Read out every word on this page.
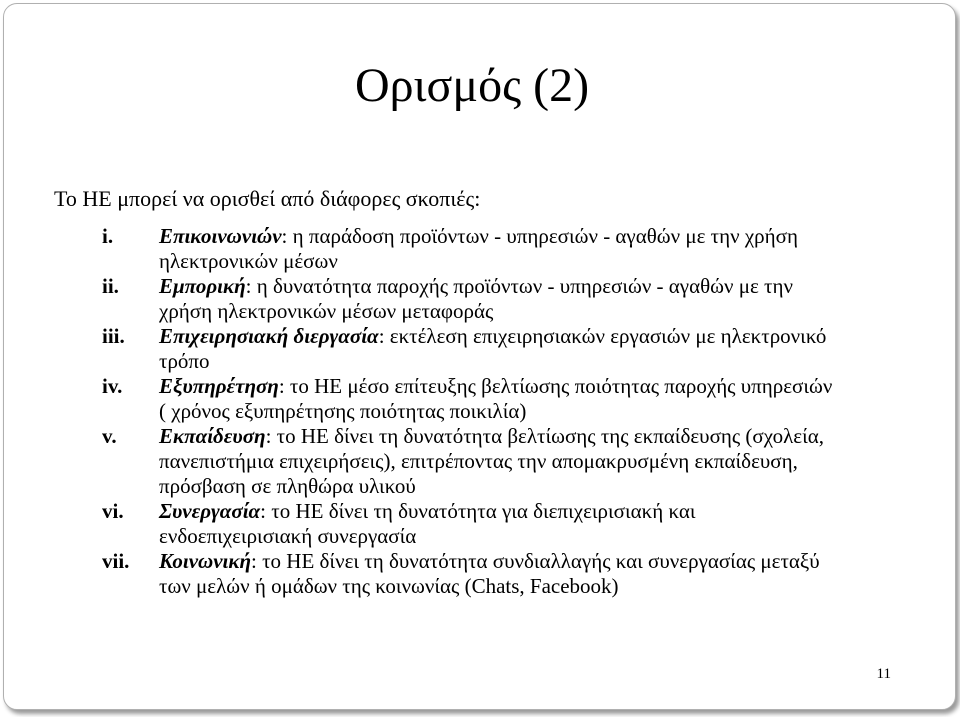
Ορισμός (2)
Το ΗΕ μπορεί να ορισθεί από διάφορες σκοπιές:
i. Επικοινωνιών: η παράδοση προϊόντων - υπηρεσιών - αγαθών με την χρήση ηλεκτρονικών μέσων
ii. Εμπορική: η δυνατότητα παροχής προϊόντων - υπηρεσιών - αγαθών με την χρήση ηλεκτρονικών μέσων μεταφοράς
iii. Επιχειρησιακή διεργασία: εκτέλεση επιχειρησιακών εργασιών με ηλεκτρονικό τρόπο
iv. Εξυπηρέτηση: το ΗΕ μέσο επίτευξης βελτίωσης ποιότητας παροχής υπηρεσιών ( χρόνος εξυπηρέτησης ποιότητας ποικιλία)
v. Εκπαίδευση: το ΗΕ δίνει τη δυνατότητα βελτίωσης της εκπαίδευσης (σχολεία, πανεπιστήμια επιχειρήσεις), επιτρέποντας την απομακρυσμένη εκπαίδευση, πρόσβαση σε πληθώρα υλικού
vi. Συνεργασία: το ΗΕ δίνει τη δυνατότητα για διεπιχειρισιακή και ενδοεπιχειρισιακή συνεργασία
vii. Κοινωνική: το ΗΕ δίνει τη δυνατότητα συνδιαλλαγής και συνεργασίας μεταξύ των μελών ή ομάδων της κοινωνίας (Chats, Facebook)
11
